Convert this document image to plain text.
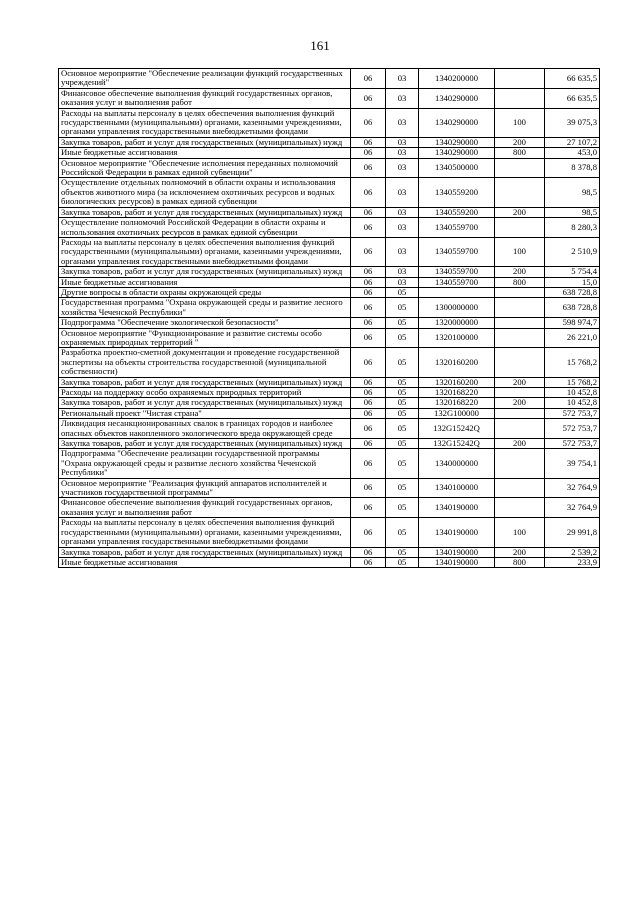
161
Основное мероприятие "Обеспечение реализации функций государственных учреждений"	06	03	1340200000		66 635,5
Финансовое обеспечение выполнения функций государственных органов, оказания услуг и выполнения работ	06	03	1340290000		66 635,5
Расходы на выплаты персоналу в целях обеспечения выполнения функций государственными (муниципальными) органами, казенными учреждениями, органами управления государственными внебюджетными фондами	06	03	1340290000	100	39 075,3
Закупка товаров, работ и услуг для государственных (муниципальных) нужд	06	03	1340290000	200	27 107,2
Иные бюджетные ассигнования	06	03	1340290000	800	453,0
Основное мероприятие "Обеспечение исполнения переданных полномочий Российской Федерации в рамках единой субвенции"	06	03	1340500000		8 378,8
Осуществление отдельных полномочий в области охраны и использования объектов животного мира (за исключением охотничьих ресурсов и водных биологических ресурсов) в рамках единой субвенции	06	03	1340559200		98,5
Закупка товаров, работ и услуг для государственных (муниципальных) нужд	06	03	1340559200	200	98,5
Осуществление полномочий Российской Федерации в области охраны и использования охотничьих ресурсов в рамках единой субвенции	06	03	1340559700		8 280,3
Расходы на выплаты персоналу в целях обеспечения выполнения функций государственными (муниципальными) органами, казенными учреждениями, органами управления государственными внебюджетными фондами	06	03	1340559700	100	2 510,9
Закупка товаров, работ и услуг для государственных (муниципальных) нужд	06	03	1340559700	200	5 754,4
Иные бюджетные ассигнования	06	03	1340559700	800	15,0
Другие вопросы в области охраны окружающей среды	06	05			638 728,8
Государственная программа "Охрана окружающей среды и развитие лесного хозяйства Чеченской Республики"	06	05	1300000000		638 728,8
Подпрограмма "Обеспечение экологической безопасности"	06	05	1320000000		598 974,7
Основное мероприятие "Функционирование и развитие системы особо охраняемых природных территорий "	06	05	1320100000		26 221,0
Разработка проектно-сметной документации и проведение государственной экспертизы на объекты строительства государственной (муниципальной собственности)	06	05	1320160200		15 768,2
Закупка товаров, работ и услуг для государственных (муниципальных) нужд	06	05	1320160200	200	15 768,2
Расходы на поддержку особо охраняемых природных территорий	06	05	1320168220		10 452,8
Закупка товаров, работ и услуг для государственных (муниципальных) нужд	06	05	1320168220	200	10 452,8
Региональный проект "Чистая страна"	06	05	132G100000		572 753,7
Ликвидация несанкционированных свалок в границах городов и наиболее опасных объектов накопленного экологического вреда окружающей среде	06	05	132G15242Q		572 753,7
Закупка товаров, работ и услуг для государственных (муниципальных) нужд	06	05	132G15242Q	200	572 753,7
Подпрограмма "Обеспечение реализации государственной программы "Охрана окружающей среды и развитие лесного хозяйства Чеченской Республики"	06	05	1340000000		39 754,1
Основное мероприятие "Реализация функций аппаратов исполнителей и участников государственной программы"	06	05	1340100000		32 764,9
Финансовое обеспечение выполнения функций государственных органов, оказания услуг и выполнения работ	06	05	1340190000		32 764,9
Расходы на выплаты персоналу в целях обеспечения выполнения функций государственными (муниципальными) органами, казенными учреждениями, органами управления государственными внебюджетными фондами	06	05	1340190000	100	29 991,8
Закупка товаров, работ и услуг для государственных (муниципальных) нужд	06	05	1340190000	200	2 539,2
Иные бюджетные ассигнования	06	05	1340190000	800	233,9
